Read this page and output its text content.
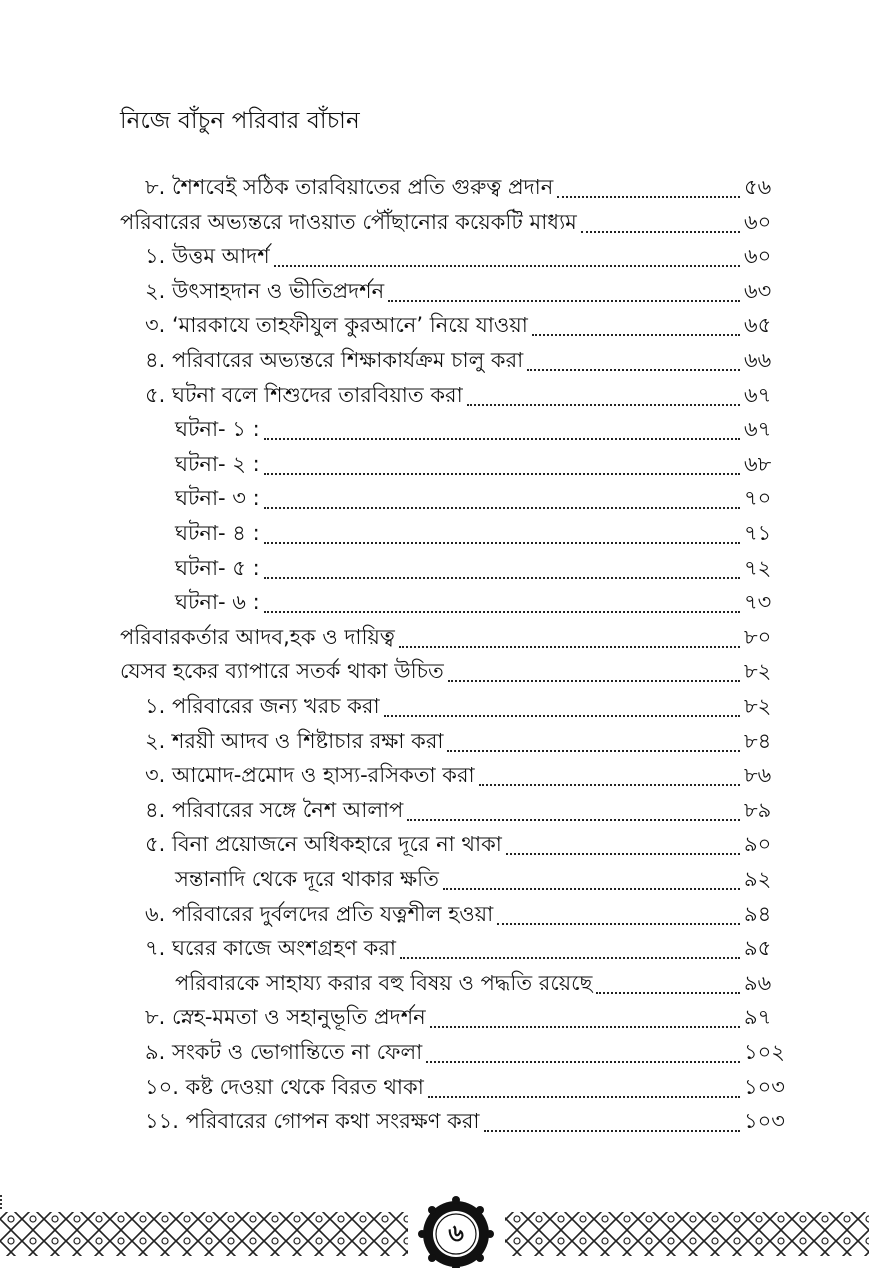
নিজে বাঁচুন পরিবার বাঁচান
৮. শৈশবেই সঠিক তারবিয়াতের প্রতি গুরুত্ব প্রদান	৫৬
পরিবারের অভ্যন্তরে দাওয়াত পৌঁছানোর কয়েকটি মাধ্যম	৬০
১. উত্তম আদর্শ	৬০
২. উৎসাহদান ও ভীতিপ্রদর্শন	৬৩
৩. ‘মারকাযে তাহফীযুল কুরআনে’ নিয়ে যাওয়া	৬৫
৪. পরিবারের অভ্যন্তরে শিক্ষাকার্যক্রম চালু করা	৬৬
৫. ঘটনা বলে শিশুদের তারবিয়াত করা	৬৭
ঘটনা- ১ :	৬৭
ঘটনা- ২ :	৬৮
ঘটনা- ৩ :	৭০
ঘটনা- ৪ :	৭১
ঘটনা- ৫ :	৭২
ঘটনা- ৬ :	৭৩
পরিবারকর্তার আদব,হক ও দায়িত্ব	৮০
যেসব হকের ব্যাপারে সতর্ক থাকা উচিত	৮২
১. পরিবারের জন্য খরচ করা	৮২
২. শরয়ী আদব ও শিষ্টাচার রক্ষা করা	৮৪
৩. আমোদ-প্রমোদ ও হাস্য-রসিকতা করা	৮৬
৪. পরিবারের সঙ্গে নৈশ আলাপ	৮৯
৫. বিনা প্রয়োজনে অধিকহারে দূরে না থাকা	৯০
সন্তানাদি থেকে দূরে থাকার ক্ষতি	৯২
৬. পরিবারের দুর্বলদের প্রতি যত্নশীল হওয়া	৯৪
৭. ঘরের কাজে অংশগ্রহণ করা	৯৫
পরিবারকে সাহায্য করার বহু বিষয় ও পদ্ধতি রয়েছে	৯৬
৮. স্নেহ-মমতা ও সহানুভূতি প্রদর্শন	৯৭
৯. সংকট ও ভোগান্তিতে না ফেলা	১০২
১০. কষ্ট দেওয়া থেকে বিরত থাকা	১০৩
১১. পরিবারের গোপন কথা সংরক্ষণ করা	১০৩
৬
